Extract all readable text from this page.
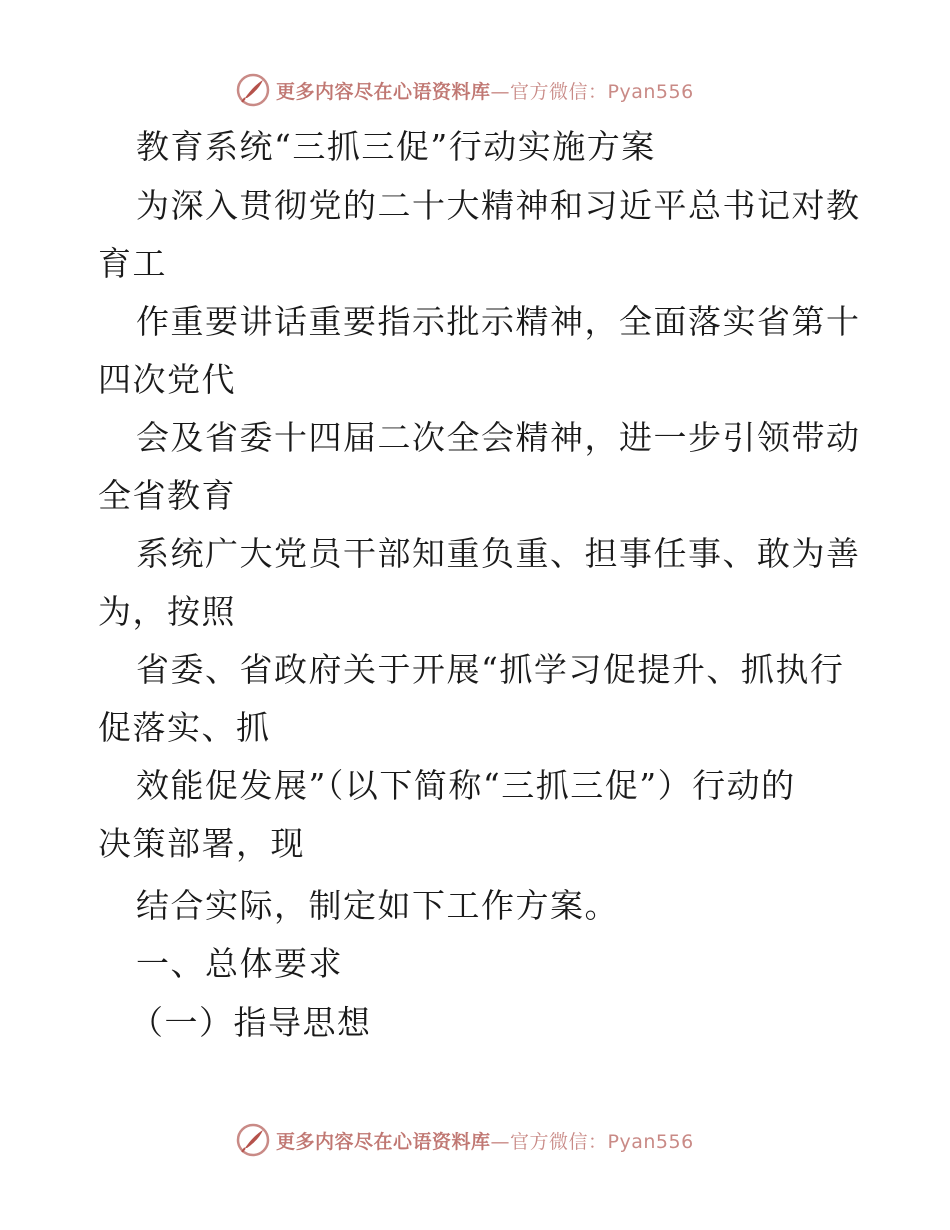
更多内容尽在心语资料库—官方微信：Pyan556
教育系统“三抓三促”行动实施方案
为深入贯彻党的二十大精神和习近平总书记对教
育工
作重要讲话重要指示批示精神，全面落实省第十
四次党代
会及省委十四届二次全会精神，进一步引领带动
全省教育
系统广大党员干部知重负重、担事任事、敢为善
为，按照
省委、省政府关于开展“抓学习促提升、抓执行
促落实、抓
效能促发展”（以下简称“三抓三促”）行动的
决策部署，现
结合实际，制定如下工作方案。
一、总体要求
（一）指导思想
更多内容尽在心语资料库—官方微信：Pyan556
